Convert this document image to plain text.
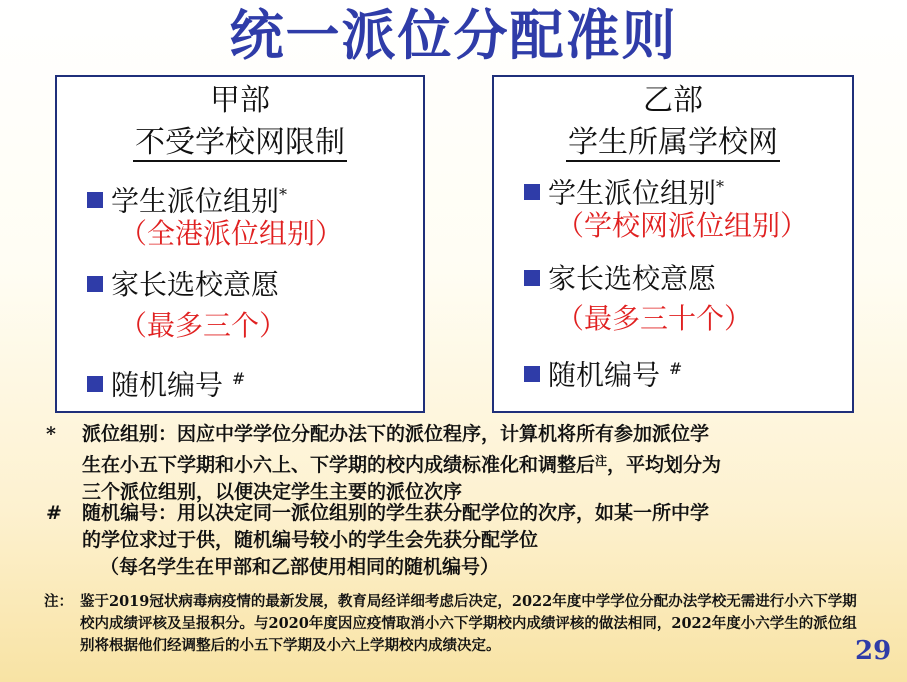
统一派位分配准则
甲部
不受学校网限制
学生派位组别*
（全港派位组别）
家长选校意愿
（最多三个）
随机编号 #
乙部
学生所属学校网
学生派位组别*
（学校网派位组别）
家长选校意愿
（最多三十个）
随机编号 #
* 派位组别：因应中学学位分配办法下的派位程序，计算机将所有参加派位学
生在小五下学期和小六上、下学期的校内成绩标准化和调整后$^注$，平均划分为
三个派位组别，以便决定学生主要的派位次序
# 随机编号：用以决定同一派位组别的学生获分配学位的次序，如某一所中学
的学位求过于供，随机编号较小的学生会先获分配学位
（每名学生在甲部和乙部使用相同的随机编号）
注： 鉴于2019冠状病毒病疫情的最新发展，教育局经详细考虑后决定，2022年度中学学位分配办法学校无需进行小六下学期校内成绩评核及呈报积分。与2020年度因应疫情取消小六下学期校内成绩评核的做法相同，2022年度小六学生的派位组别将根据他们经调整后的小五下学期及小六上学期校内成绩决定。	29
